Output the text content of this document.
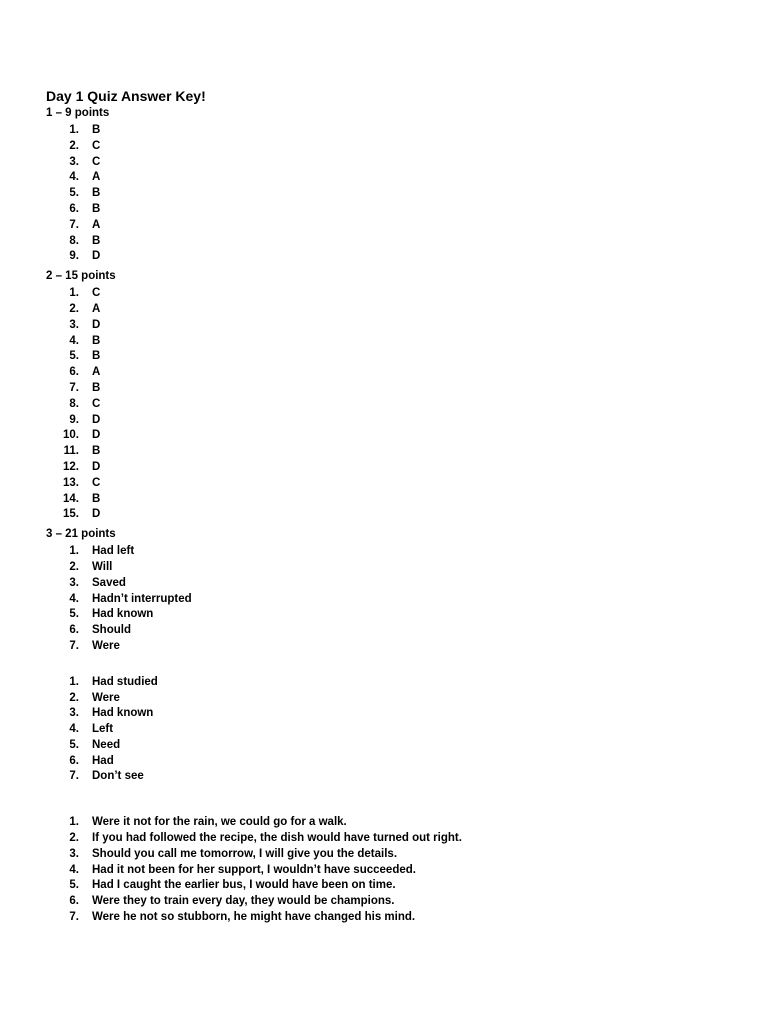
Day 1 Quiz Answer Key!
1 – 9 points
1.	B
2.	C
3.	C
4.	A
5.	B
6.	B
7.	A
8.	B
9.	D
2 – 15 points
1.	C
2.	A
3.	D
4.	B
5.	B
6.	A
7.	B
8.	C
9.	D
10.	D
11.	B
12.	D
13.	C
14.	B
15.	D
3 – 21 points
1.	Had left
2.	Will
3.	Saved
4.	Hadn’t interrupted
5.	Had known
6.	Should
7.	Were
1.	Had studied
2.	Were
3.	Had known
4.	Left
5.	Need
6.	Had
7.	Don’t see
1.	Were it not for the rain, we could go for a walk.
2.	If you had followed the recipe, the dish would have turned out right.
3.	Should you call me tomorrow, I will give you the details.
4.	Had it not been for her support, I wouldn’t have succeeded.
5.	Had I caught the earlier bus, I would have been on time.
6.	Were they to train every day, they would be champions.
7.	Were he not so stubborn, he might have changed his mind.
